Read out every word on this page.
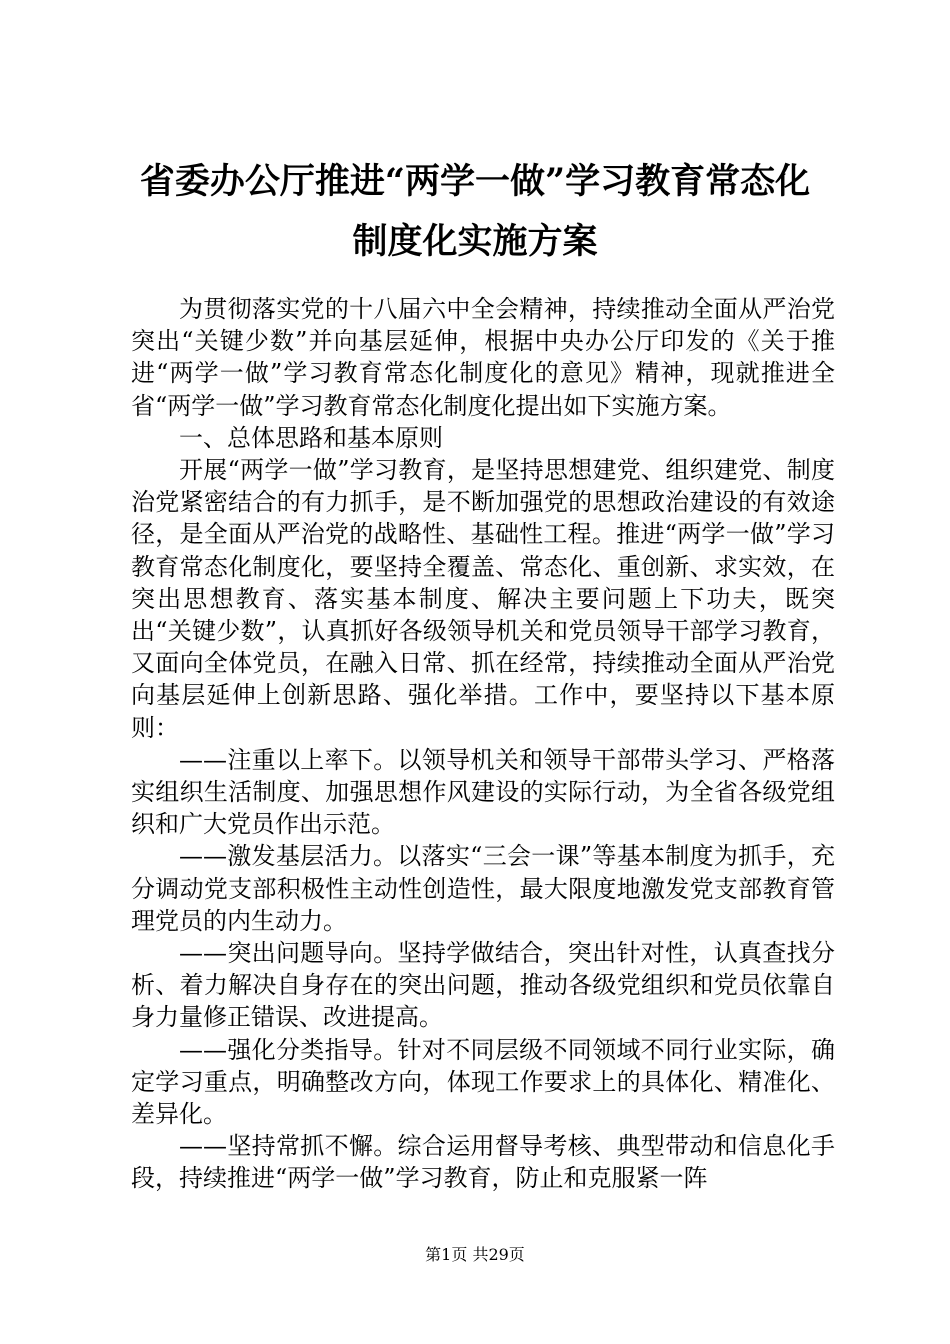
省委办公厅推进“两学一做”学习教育常态化
制度化实施方案

为贯彻落实党的十八届六中全会精神，持续推动全面从严治党突出“关键少数”并向基层延伸，根据中央办公厅印发的《关于推进“两学一做”学习教育常态化制度化的意见》精神，现就推进全省“两学一做”学习教育常态化制度化提出如下实施方案。

一、总体思路和基本原则

开展“两学一做”学习教育，是坚持思想建党、组织建党、制度治党紧密结合的有力抓手，是不断加强党的思想政治建设的有效途径，是全面从严治党的战略性、基础性工程。推进“两学一做”学习教育常态化制度化，要坚持全覆盖、常态化、重创新、求实效，在突出思想教育、落实基本制度、解决主要问题上下功夫，既突出“关键少数”，认真抓好各级领导机关和党员领导干部学习教育，又面向全体党员，在融入日常、抓在经常，持续推动全面从严治党向基层延伸上创新思路、强化举措。工作中，要坚持以下基本原则：

——注重以上率下。以领导机关和领导干部带头学习、严格落实组织生活制度、加强思想作风建设的实际行动，为全省各级党组织和广大党员作出示范。

——激发基层活力。以落实“三会一课”等基本制度为抓手，充分调动党支部积极性主动性创造性，最大限度地激发党支部教育管理党员的内生动力。

——突出问题导向。坚持学做结合，突出针对性，认真查找分析、着力解决自身存在的突出问题，推动各级党组织和党员依靠自身力量修正错误、改进提高。

——强化分类指导。针对不同层级不同领域不同行业实际，确定学习重点，明确整改方向，体现工作要求上的具体化、精准化、差异化。

——坚持常抓不懈。综合运用督导考核、典型带动和信息化手段，持续推进“两学一做”学习教育，防止和克服紧一阵

第1页 共29页
